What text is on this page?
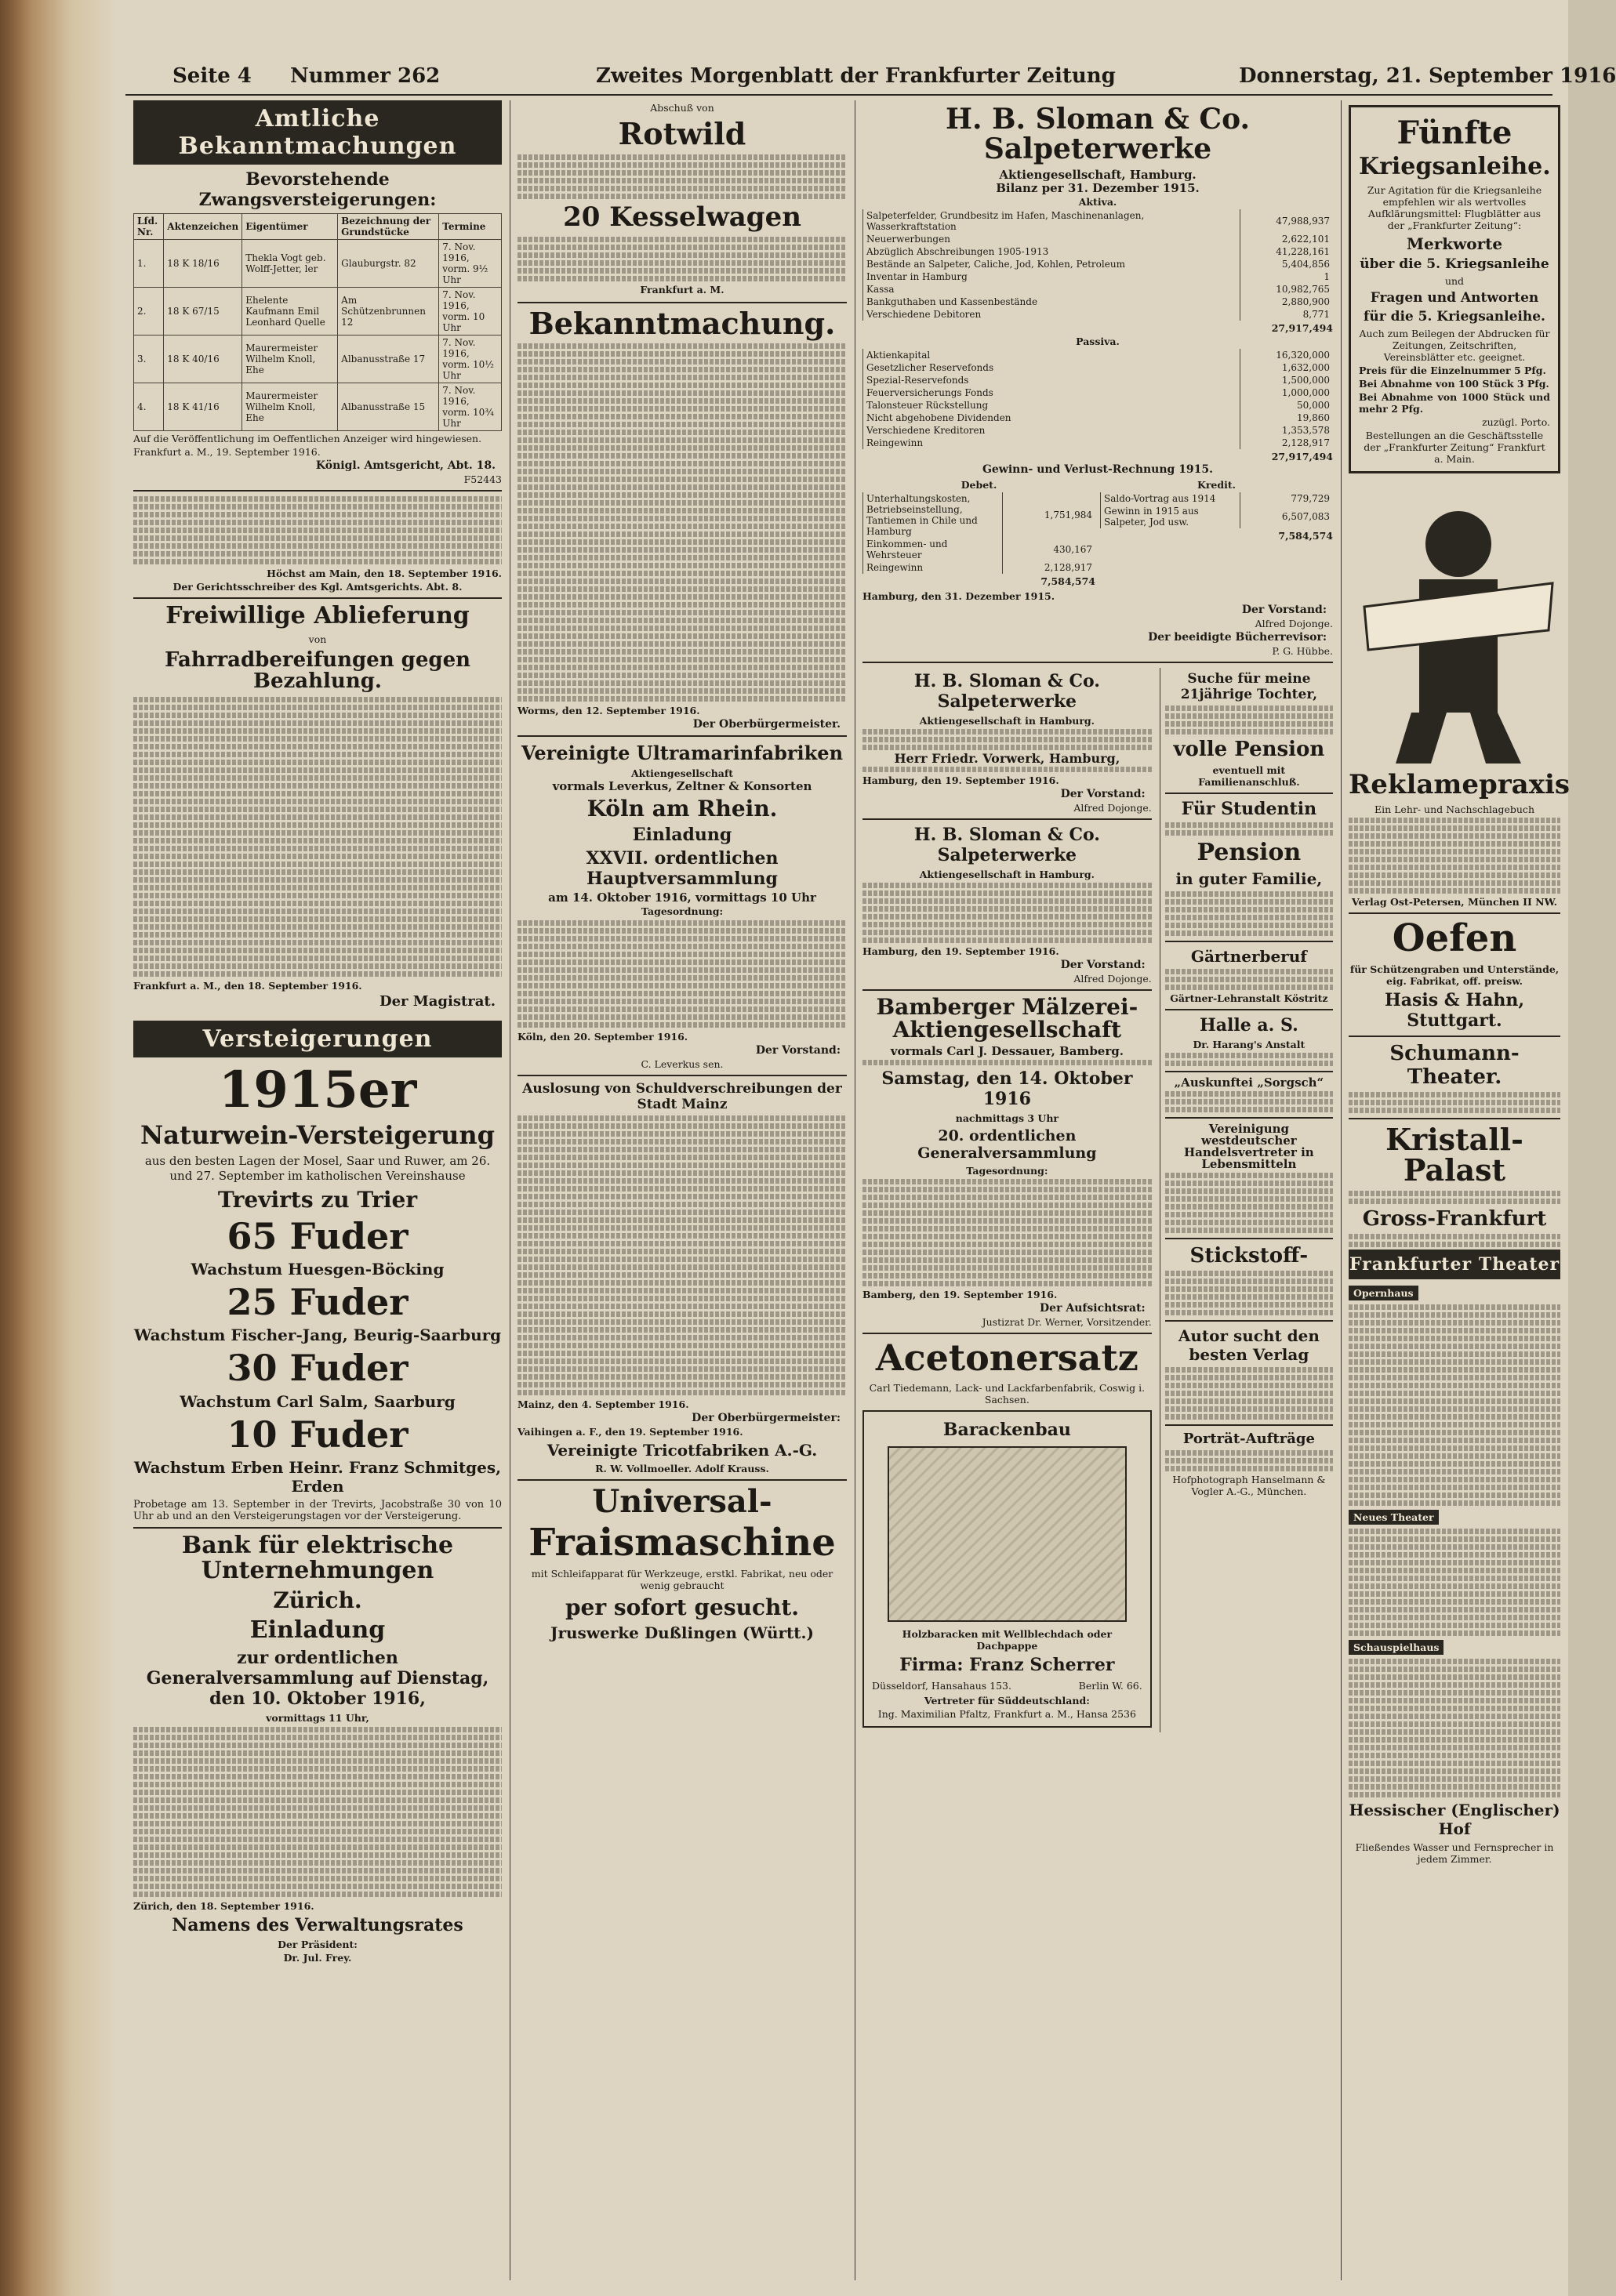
Seite 4 Nummer 262	Zweites Morgenblatt der Frankfurter Zeitung	Donnerstag, 21. September 1916
Amtliche Bekanntmachungen
Bevorstehende Zwangsversteigerungen:
Lfd. Nr.	Aktenzeichen	Eigentümer	Bezeichnung der Grundstücke	Termine
1.	18 K 18/16	Thekla Vogt geb. Wolff-Jetter, ler	Glauburgstr. 82	7. Nov. 1916, vorm. 9½ Uhr
2.	18 K 67/15	Ehelente Kaufmann Emil Leonhard Quelle	Am Schützenbrunnen 12	7. Nov. 1916, vorm. 10 Uhr
3.	18 K 40/16	Maurermeister Wilhelm Knoll, Ehe	Albanusstraße 17	7. Nov. 1916, vorm. 10½ Uhr
4.	18 K 41/16	Maurermeister Wilhelm Knoll, Ehe	Albanusstraße 15	7. Nov. 1916, vorm. 10¾ Uhr
Auf die Veröffentlichung im Oeffentlichen Anzeiger wird hingewiesen.
Frankfurt a. M., 19. September 1916.
Königl. Amtsgericht, Abt. 18.
F52443
Höchst am Main, den 18. September 1916.
Der Gerichtsschreiber des Kgl. Amtsgerichts. Abt. 8.
Freiwillige Ablieferung
von
Fahrradbereifungen gegen Bezahlung.
Frankfurt a. M., den 18. September 1916.
Der Magistrat.
Versteigerungen
1915er
Naturwein-Versteigerung
aus den besten Lagen der Mosel, Saar und Ruwer, am 26. und 27. September im katholischen Vereinshause
Trevirts zu Trier
65 Fuder
Wachstum Huesgen-Böcking
25 Fuder
Wachstum Fischer-Jang, Beurig-Saarburg
30 Fuder
Wachstum Carl Salm, Saarburg
10 Fuder
Wachstum Erben Heinr. Franz Schmitges, Erden
Probetage am 13. September in der Trevirts, Jacobstraße 30 von 10 Uhr ab und an den Versteigerungstagen vor der Versteigerung.
Bank für elektrische Unternehmungen
Zürich.
Einladung
zur ordentlichen Generalversammlung auf Dienstag, den 10. Oktober 1916,
vormittags 11 Uhr,
Zürich, den 18. September 1916.
Namens des Verwaltungsrates
Der Präsident:
Dr. Jul. Frey.
Abschuß von
Rotwild
20 Kesselwagen
Frankfurt a. M.
Bekanntmachung.
Worms, den 12. September 1916.
Der Oberbürgermeister.
Vereinigte Ultramarinfabriken
Aktiengesellschaft
vormals Leverkus, Zeltner & Konsorten
Köln am Rhein.
Einladung
XXVII. ordentlichen Hauptversammlung
am 14. Oktober 1916, vormittags 10 Uhr
Tagesordnung:
Köln, den 20. September 1916.
Der Vorstand:
C. Leverkus sen.
Auslosung von Schuldverschreibungen der Stadt Mainz
Mainz, den 4. September 1916.
Der Oberbürgermeister:
Vaihingen a. F., den 19. September 1916.
Vereinigte Tricotfabriken A.-G.
R. W. Vollmoeller. Adolf Krauss.
Universal-
Fraismaschine
mit Schleifapparat für Werkzeuge, erstkl. Fabrikat, neu oder wenig gebraucht
per sofort gesucht.
Jruswerke Dußlingen (Württ.)
H. B. Sloman & Co. Salpeterwerke
Aktiengesellschaft, Hamburg.
Bilanz per 31. Dezember 1915.
Aktiva.
Salpeterfelder, Grundbesitz im Hafen, Maschinenanlagen, Wasserkraftstation	47,988,937
Neuerwerbungen	2,622,101
Abzüglich Abschreibungen 1905-1913	41,228,161
Bestände an Salpeter, Caliche, Jod, Kohlen, Petroleum	5,404,856
Inventar in Hamburg	1
Kassa	10,982,765
Bankguthaben und Kassenbestände	2,880,900
Verschiedene Debitoren	8,771
27,917,494
Passiva.
Aktienkapital	16,320,000
Gesetzlicher Reservefonds	1,632,000
Spezial-Reservefonds	1,500,000
Feuerversicherungs Fonds	1,000,000
Talonsteuer Rückstellung	50,000
Nicht abgehobene Dividenden	19,860
Verschiedene Kreditoren	1,353,578
Reingewinn	2,128,917
27,917,494
Gewinn- und Verlust-Rechnung 1915.
Debet.
Unterhaltungskosten, Betriebseinstellung, Tantiemen in Chile und Hamburg	1,751,984
Einkommen- und Wehrsteuer	430,167
Reingewinn	2,128,917
7,584,574
Kredit.
Saldo-Vortrag aus 1914	779,729
Gewinn in 1915 aus Salpeter, Jod usw.	6,507,083
7,584,574
Hamburg, den 31. Dezember 1915.
Der Vorstand:
Alfred Dojonge.
Der beeidigte Bücherrevisor:
P. G. Hübbe.
H. B. Sloman & Co. Salpeterwerke
Aktiengesellschaft in Hamburg.
Herr Friedr. Vorwerk, Hamburg,
Hamburg, den 19. September 1916.
Der Vorstand:
Alfred Dojonge.
H. B. Sloman & Co. Salpeterwerke
Aktiengesellschaft in Hamburg.
Hamburg, den 19. September 1916.
Der Vorstand:
Alfred Dojonge.
Bamberger Mälzerei-Aktiengesellschaft
vormals Carl J. Dessauer, Bamberg.
Samstag, den 14. Oktober 1916
nachmittags 3 Uhr
20. ordentlichen Generalversammlung
Tagesordnung:
Bamberg, den 19. September 1916.
Der Aufsichtsrat:
Justizrat Dr. Werner, Vorsitzender.
Acetonersatz
Carl Tiedemann, Lack- und Lackfarbenfabrik, Coswig i. Sachsen.
Barackenbau
Holzbaracken mit Wellblechdach oder Dachpappe
Firma: Franz Scherrer
Düsseldorf, Hansahaus 153.	Berlin W. 66.
Vertreter für Süddeutschland:
Ing. Maximilian Pfaltz, Frankfurt a. M., Hansa 2536
Suche für meine 21jährige Tochter,
volle Pension
eventuell mit Familienanschluß.
Für Studentin
Pension
in guter Familie,
Gärtnerberuf
Gärtner-Lehranstalt Köstritz
Halle a. S.
Dr. Harang's Anstalt
„Auskunftei „Sorgsch“
Vereinigung westdeutscher Handelsvertreter in Lebensmitteln
Stickstoff-
Autor sucht den besten Verlag
Porträt-Aufträge
Hofphotograph Hanselmann & Vogler A.-G., München.
Fünfte
Kriegsanleihe.
Zur Agitation für die Kriegsanleihe empfehlen wir als wertvolles Aufklärungsmittel: Flugblätter aus der „Frankfurter Zeitung“:
Merkworte
über die 5. Kriegsanleihe
und
Fragen und Antworten
für die 5. Kriegsanleihe.
Auch zum Beilegen der Abdrucken für Zeitungen, Zeitschriften, Vereinsblätter etc. geeignet.
Preis für die Einzelnummer 5 Pfg.
Bei Abnahme von 100 Stück 3 Pfg.
Bei Abnahme von 1000 Stück und mehr 2 Pfg.
zuzügl. Porto.
Bestellungen an die Geschäftsstelle der „Frankfurter Zeitung“ Frankfurt a. Main.
Reklamepraxis
Ein Lehr- und Nachschlagebuch
Verlag Ost-Petersen, München II NW.
Oefen
für Schützengraben und Unterstände, eig. Fabrikat, off. preisw.
Hasis & Hahn, Stuttgart.
Schumann-Theater.
Kristall-Palast
Gross-Frankfurt
Frankfurter Theater
Opernhaus
Neues Theater
Schauspielhaus
Hessischer (Englischer) Hof
Fließendes Wasser und Fernsprecher in jedem Zimmer.
